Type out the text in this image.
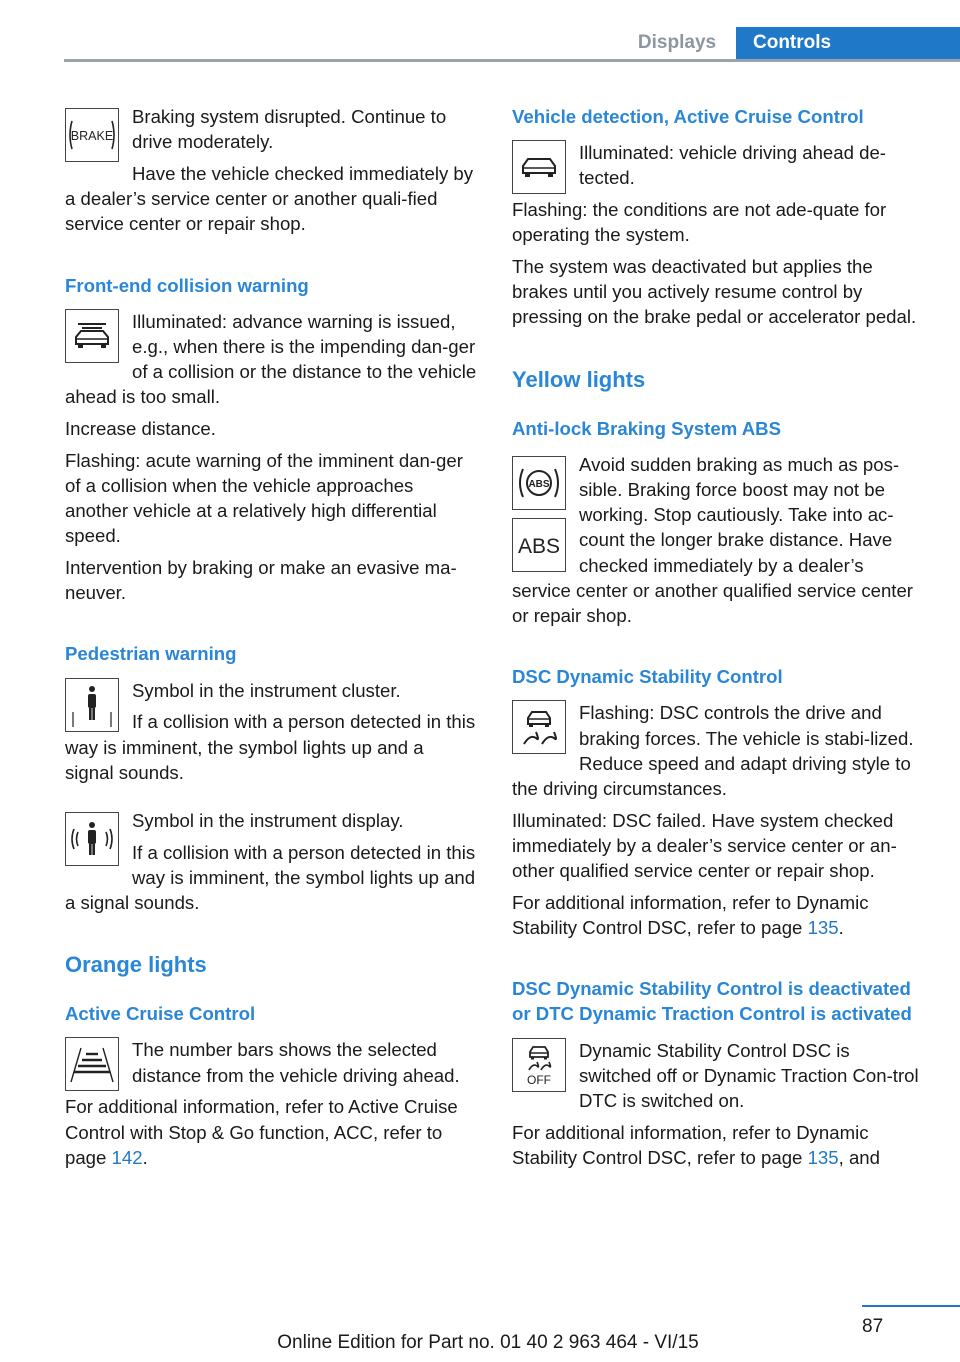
Displays	Controls
BRAKE

Braking system disrupted. Continue to drive moderately.

Have the vehicle checked immediately by a dealer’s service center or another quali‐fied service center or repair shop.

Front-end collision warning

Illuminated: advance warning is issued, e.g., when there is the impending dan‐ger of a collision or the distance to the vehicle ahead is too small.

Increase distance.

Flashing: acute warning of the imminent dan‐ger of a collision when the vehicle approaches another vehicle at a relatively high differential speed.

Intervention by braking or make an evasive ma‐neuver.

Pedestrian warning

Symbol in the instrument cluster.

If a collision with a person detected in this way is imminent, the symbol lights up and a signal sounds.

Symbol in the instrument display.

If a collision with a person detected in this way is imminent, the symbol lights up and a signal sounds.

Orange lights

Active Cruise Control

The number bars shows the selected distance from the vehicle driving ahead.

For additional information, refer to Active Cruise Control with Stop & Go function, ACC, refer to page 142.

Vehicle detection, Active Cruise Control

Illuminated: vehicle driving ahead de‐tected.

Flashing: the conditions are not ade‐quate for operating the system.

The system was deactivated but applies the brakes until you actively resume control by pressing on the brake pedal or accelerator pedal.

Yellow lights

Anti-lock Braking System ABS

ABS
ABS

Avoid sudden braking as much as pos‐sible. Braking force boost may not be working. Stop cautiously. Take into ac‐count the longer brake distance. Have checked immediately by a dealer’s service center or another qualified service center or repair shop.

DSC Dynamic Stability Control

Flashing: DSC controls the drive and braking forces. The vehicle is stabi‐lized. Reduce speed and adapt driving style to the driving circumstances.

Illuminated: DSC failed. Have system checked immediately by a dealer’s service center or an‐other qualified service center or repair shop.

For additional information, refer to Dynamic Stability Control DSC, refer to page 135.

DSC Dynamic Stability Control is deactivated or DTC Dynamic Traction Control is activated

OFF

Dynamic Stability Control DSC is switched off or Dynamic Traction Con‐trol DTC is switched on.

For additional information, refer to Dynamic Stability Control DSC, refer to page 135, and

87
Online Edition for Part no. 01 40 2 963 464 - VI/15
